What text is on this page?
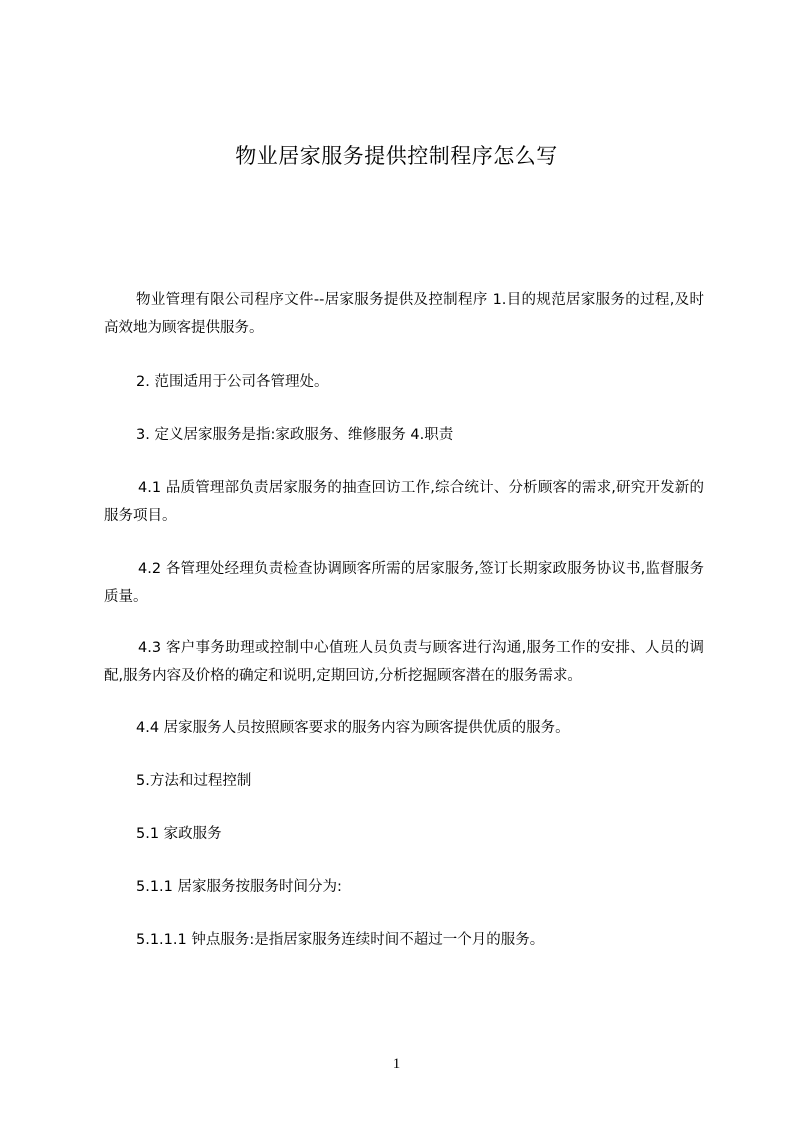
物业居家服务提供控制程序怎么写

物业管理有限公司程序文件--居家服务提供及控制程序 1.目的规范居家服务的过程,及时高效地为顾客提供服务。

2. 范围适用于公司各管理处。

3. 定义居家服务是指:家政服务、维修服务 4.职责

4.1 品质管理部负责居家服务的抽查回访工作,综合统计、分析顾客的需求,研究开发新的服务项目。

4.2 各管理处经理负责检查协调顾客所需的居家服务,签订长期家政服务协议书,监督服务质量。

4.3 客户事务助理或控制中心值班人员负责与顾客进行沟通,服务工作的安排、人员的调配,服务内容及价格的确定和说明,定期回访,分析挖掘顾客潜在的服务需求。

4.4 居家服务人员按照顾客要求的服务内容为顾客提供优质的服务。

5.方法和过程控制

5.1 家政服务

5.1.1 居家服务按服务时间分为:

5.1.1.1 钟点服务:是指居家服务连续时间不超过一个月的服务。

1
